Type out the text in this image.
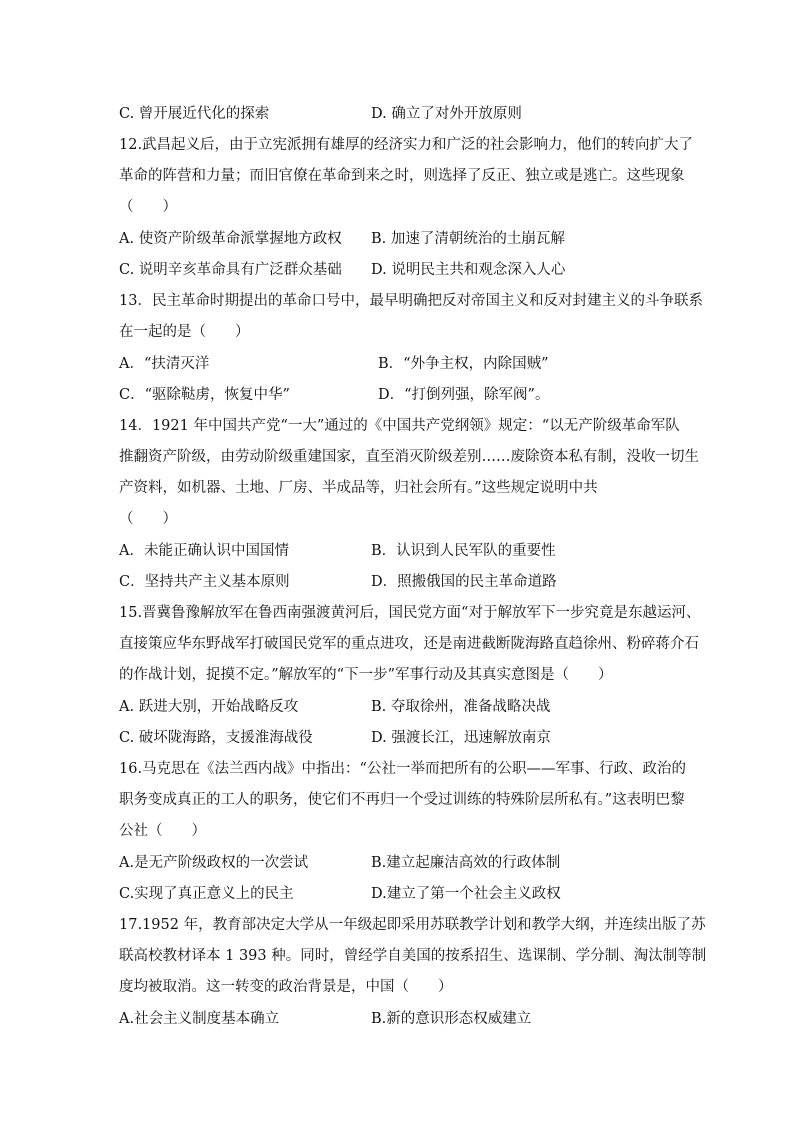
C. 曾开展近代化的探索	D. 确立了对外开放原则
12.武昌起义后，由于立宪派拥有雄厚的经济实力和广泛的社会影响力，他们的转向扩大了
革命的阵营和力量；而旧官僚在革命到来之时，则选择了反正、独立或是逃亡。这些现象
（　　）
A. 使资产阶级革命派掌握地方政权 B. 加速了清朝统治的土崩瓦解
C. 说明辛亥革命具有广泛群众基础 D. 说明民主共和观念深入人心
13．民主革命时期提出的革命口号中，最早明确把反对帝国主义和反对封建主义的斗争联系
在一起的是（　　）
A．“扶清灭洋	B．“外争主权，内除国贼”
C．“驱除鞑虏，恢复中华”	D．“打倒列强，除军阀”。
14．1921 年中国共产党“一大”通过的《中国共产党纲领》规定：“以无产阶级革命军队
推翻资产阶级，由劳动阶级重建国家，直至消灭阶级差别……废除资本私有制，没收一切生
产资料，如机器、土地、厂房、半成品等，归社会所有。”这些规定说明中共
（　　）
A．未能正确认识中国国情	B．认识到人民军队的重要性
C．坚持共产主义基本原则	D．照搬俄国的民主革命道路
15.晋冀鲁豫解放军在鲁西南强渡黄河后，国民党方面“对于解放军下一步究竟是东越运河、
直接策应华东野战军打破国民党军的重点进攻，还是南进截断陇海路直趋徐州、粉碎蒋介石
的作战计划，捉摸不定。”解放军的“下一步”军事行动及其真实意图是（　　）
A. 跃进大别，开始战略反攻	B. 夺取徐州，准备战略决战
C. 破坏陇海路，支援淮海战役	D. 强渡长江，迅速解放南京
16.马克思在《法兰西内战》中指出：“公社一举而把所有的公职——军事、行政、政治的
职务变成真正的工人的职务，使它们不再归一个受过训练的特殊阶层所私有。”这表明巴黎
公社（　　）
A.是无产阶级政权的一次尝试	B.建立起廉洁高效的行政体制
C.实现了真正意义上的民主	D.建立了第一个社会主义政权
17.1952 年，教育部决定大学从一年级起即采用苏联教学计划和教学大纲，并连续出版了苏
联高校教材译本 1 393 种。同时，曾经学自美国的按系招生、选课制、学分制、淘汰制等制
度均被取消。这一转变的政治背景是，中国（　　）
A.社会主义制度基本确立	B.新的意识形态权威建立
